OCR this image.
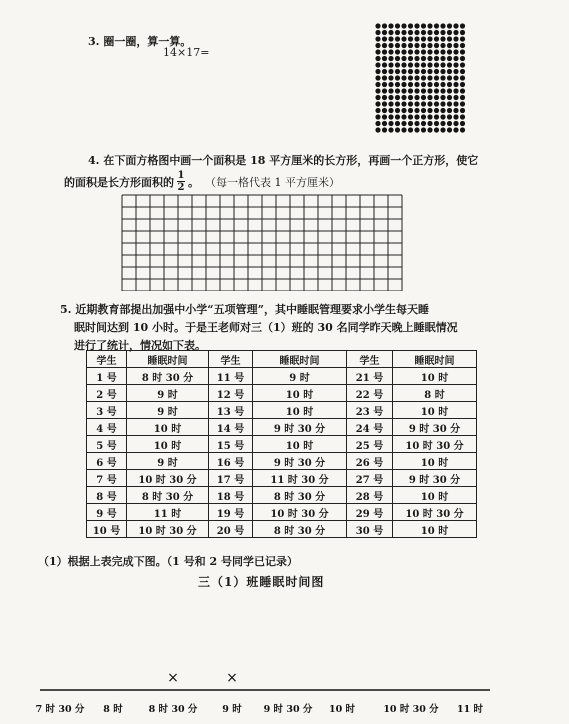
3. 圈一圈，算一算。
14×17=
4. 在下面方格图中画一个面积是 18 平方厘米的长方形，再画一个正方形，使它
的面积是长方形面积的 $\frac{1}{2}$ 。 （每一格代表 1 平方厘米）
5. 近期教育部提出加强中小学“五项管理”，其中睡眠管理要求小学生每天睡
眠时间达到 10 小时。于是王老师对三（1）班的 30 名同学昨天晚上睡眠情况
进行了统计，情况如下表。
学生	睡眠时间	学生	睡眠时间	学生	睡眠时间
1 号	8 时 30 分	11 号	9 时	21 号	10 时
2 号	9 时	12 号	10 时	22 号	8 时
3 号	9 时	13 号	10 时	23 号	10 时
4 号	10 时	14 号	9 时 30 分	24 号	9 时 30 分
5 号	10 时	15 号	10 时	25 号	10 时 30 分
6 号	9 时	16 号	9 时 30 分	26 号	10 时
7 号	10 时 30 分	17 号	11 时 30 分	27 号	9 时 30 分
8 号	8 时 30 分	18 号	8 时 30 分	28 号	10 时
9 号	11 时	19 号	10 时 30 分	29 号	10 时 30 分
10 号	10 时 30 分	20 号	8 时 30 分	30 号	10 时
（1）根据上表完成下图。（1 号和 2 号同学已记录）
三（1）班睡眠时间图
7 时 30 分 8 时	8 时 30 分
×
9 时
×
9 时 30 分 10 时	10 时 30 分 11 时
